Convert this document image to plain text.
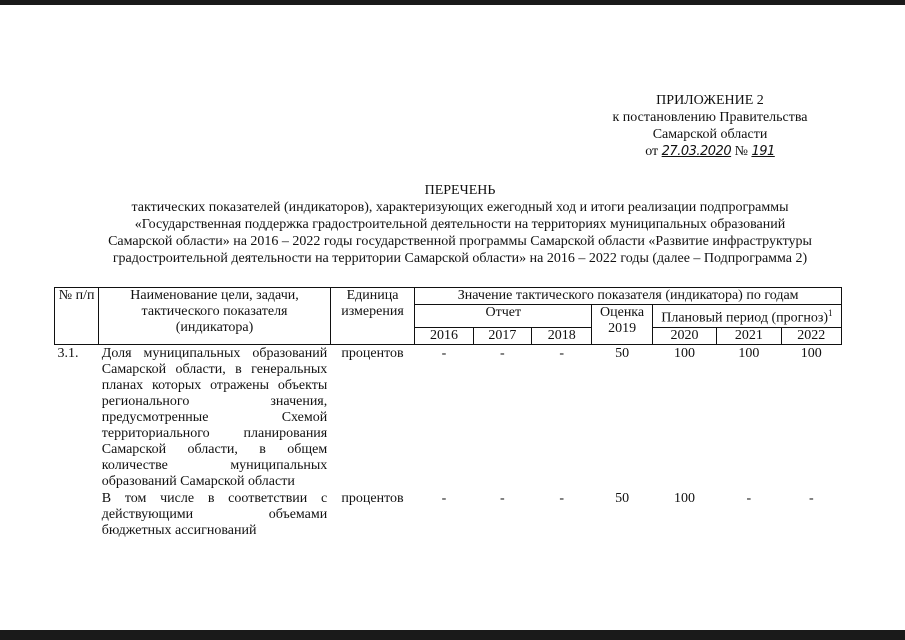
ПРИЛОЖЕНИЕ 2
к постановлению Правительства
Самарской области
от 27.03.2020 № 191
ПЕРЕЧЕНЬ
тактических показателей (индикаторов), характеризующих ежегодный ход и итоги реализации подпрограммы
«Государственная поддержка градостроительной деятельности на территориях муниципальных образований
Самарской области» на 2016 – 2022 годы государственной программы Самарской области «Развитие инфраструктуры
градостроительной деятельности на территории Самарской области» на 2016 – 2022 годы (далее – Подпрограмма 2)
№ п/п	Наименование цели, задачи, тактического показателя (индикатора)	Единица измерения	Значение тактического показателя (индикатора) по годам						
			Отчет			Оценка 2019	Плановый период (прогноз)$^1$
			2016	2017	2018		2020	2021	2022
3.1.	Доля муниципальных образований Самарской области, в генеральных планах которых отражены объекты регионального значения, предусмотренные Схемой территориального планирования Самарской области, в общем количестве муниципальных образований Самарской области	процентов	-	-	-	50	100	100	100
	В том числе в соответствии с действующими объемами бюджетных ассигнований	процентов	-	-	-	50	100	-	-
